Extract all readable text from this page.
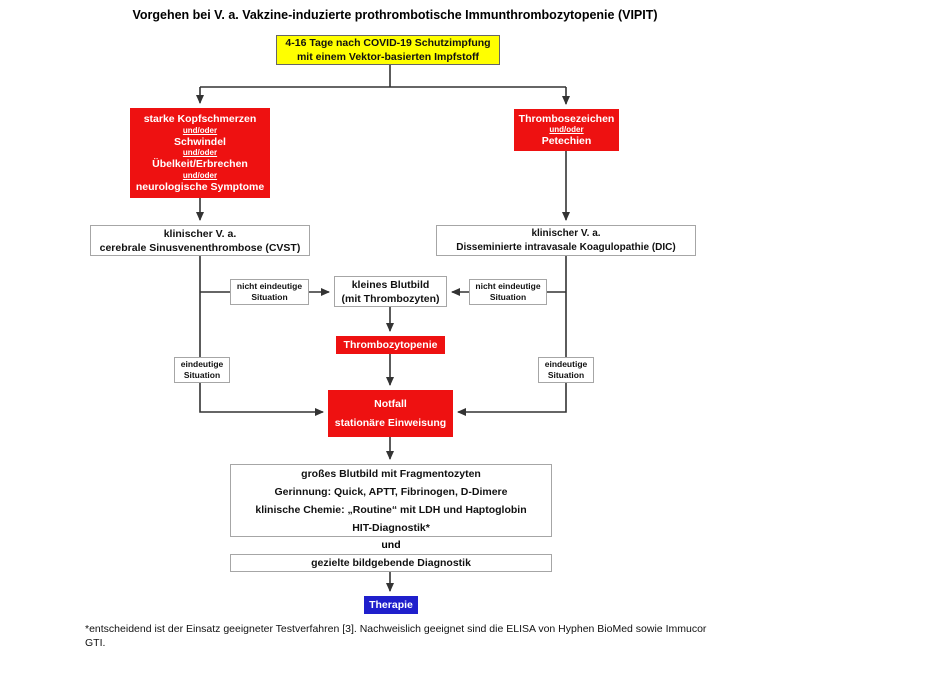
Vorgehen bei V. a. Vakzine-induzierte prothrombotische Immunthrombozytopenie (VIPIT)
4-16 Tage nach COVID-19 Schutzimpfung
mit einem Vektor-basierten Impfstoff
starke Kopfschmerzen
und/oder
Schwindel
und/oder
Übelkeit/Erbrechen
und/oder
neurologische Symptome
Thrombosezeichen
und/oder
Petechien
klinischer V. a.
cerebrale Sinusvenenthrombose (CVST)
klinischer V. a.
Disseminierte intravasale Koagulopathie (DIC)
nicht eindeutige
Situation
kleines Blutbild
(mit Thrombozyten)
nicht eindeutige
Situation
Thrombozytopenie
eindeutige
Situation
eindeutige
Situation
Notfall
stationäre Einweisung
großes Blutbild mit Fragmentozyten
Gerinnung: Quick, APTT, Fibrinogen, D-Dimere
klinische Chemie: „Routine“ mit LDH und Haptoglobin
HIT-Diagnostik*
und
gezielte bildgebende Diagnostik
Therapie
*entscheidend ist der Einsatz geeigneter Testverfahren [3]. Nachweislich geeignet sind die ELISA von Hyphen BioMed sowie Immucor GTI.
